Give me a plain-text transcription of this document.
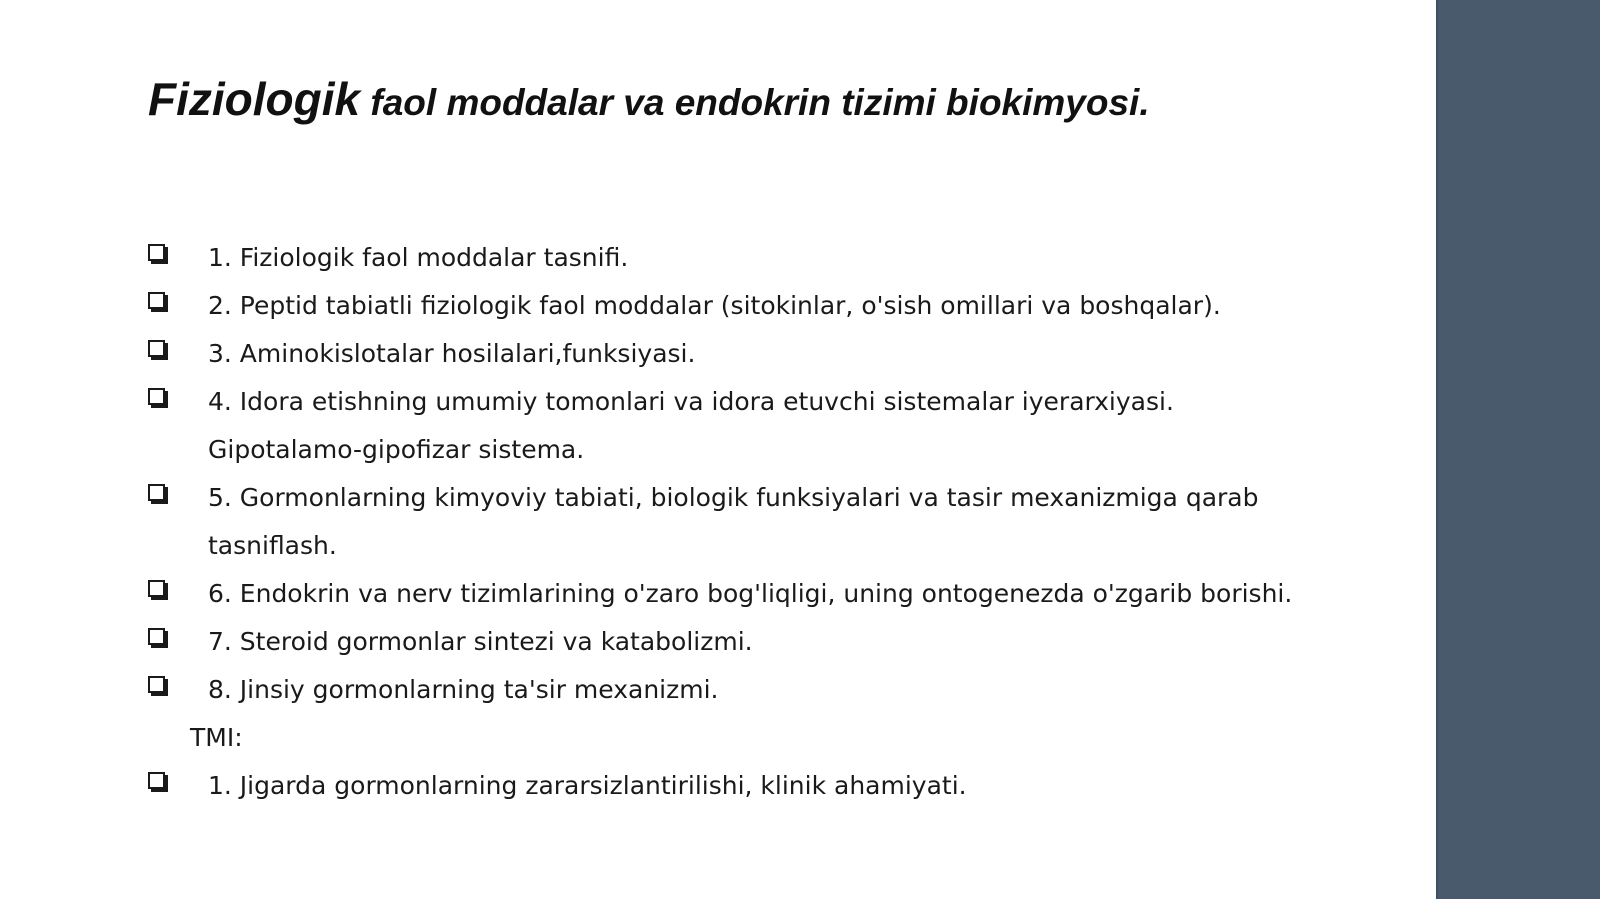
Fiziologik faol moddalar va endokrin tizimi biokimyosi.
1. Fiziologik faol moddalar tasnifi.
2. Peptid tabiatli fiziologik faol moddalar (sitokinlar, o'sish omillari va boshqalar).
3. Aminokislotalar hosilalari,funksiyasi.
4. Idora etishning umumiy tomonlari va idora etuvchi sistemalar iyerarxiyasi.
Gipotalamo-gipofizar sistema.
5. Gormonlarning kimyoviy tabiati, biologik funksiyalari va tasir mexanizmiga qarab
tasniflash.
6. Endokrin va nerv tizimlarining o'zaro bog'liqligi, uning ontogenezda o'zgarib borishi.
7. Steroid gormonlar sintezi va katabolizmi.
8. Jinsiy gormonlarning ta'sir mexanizmi.
TMI:
1. Jigarda gormonlarning zararsizlantirilishi, klinik ahamiyati.
